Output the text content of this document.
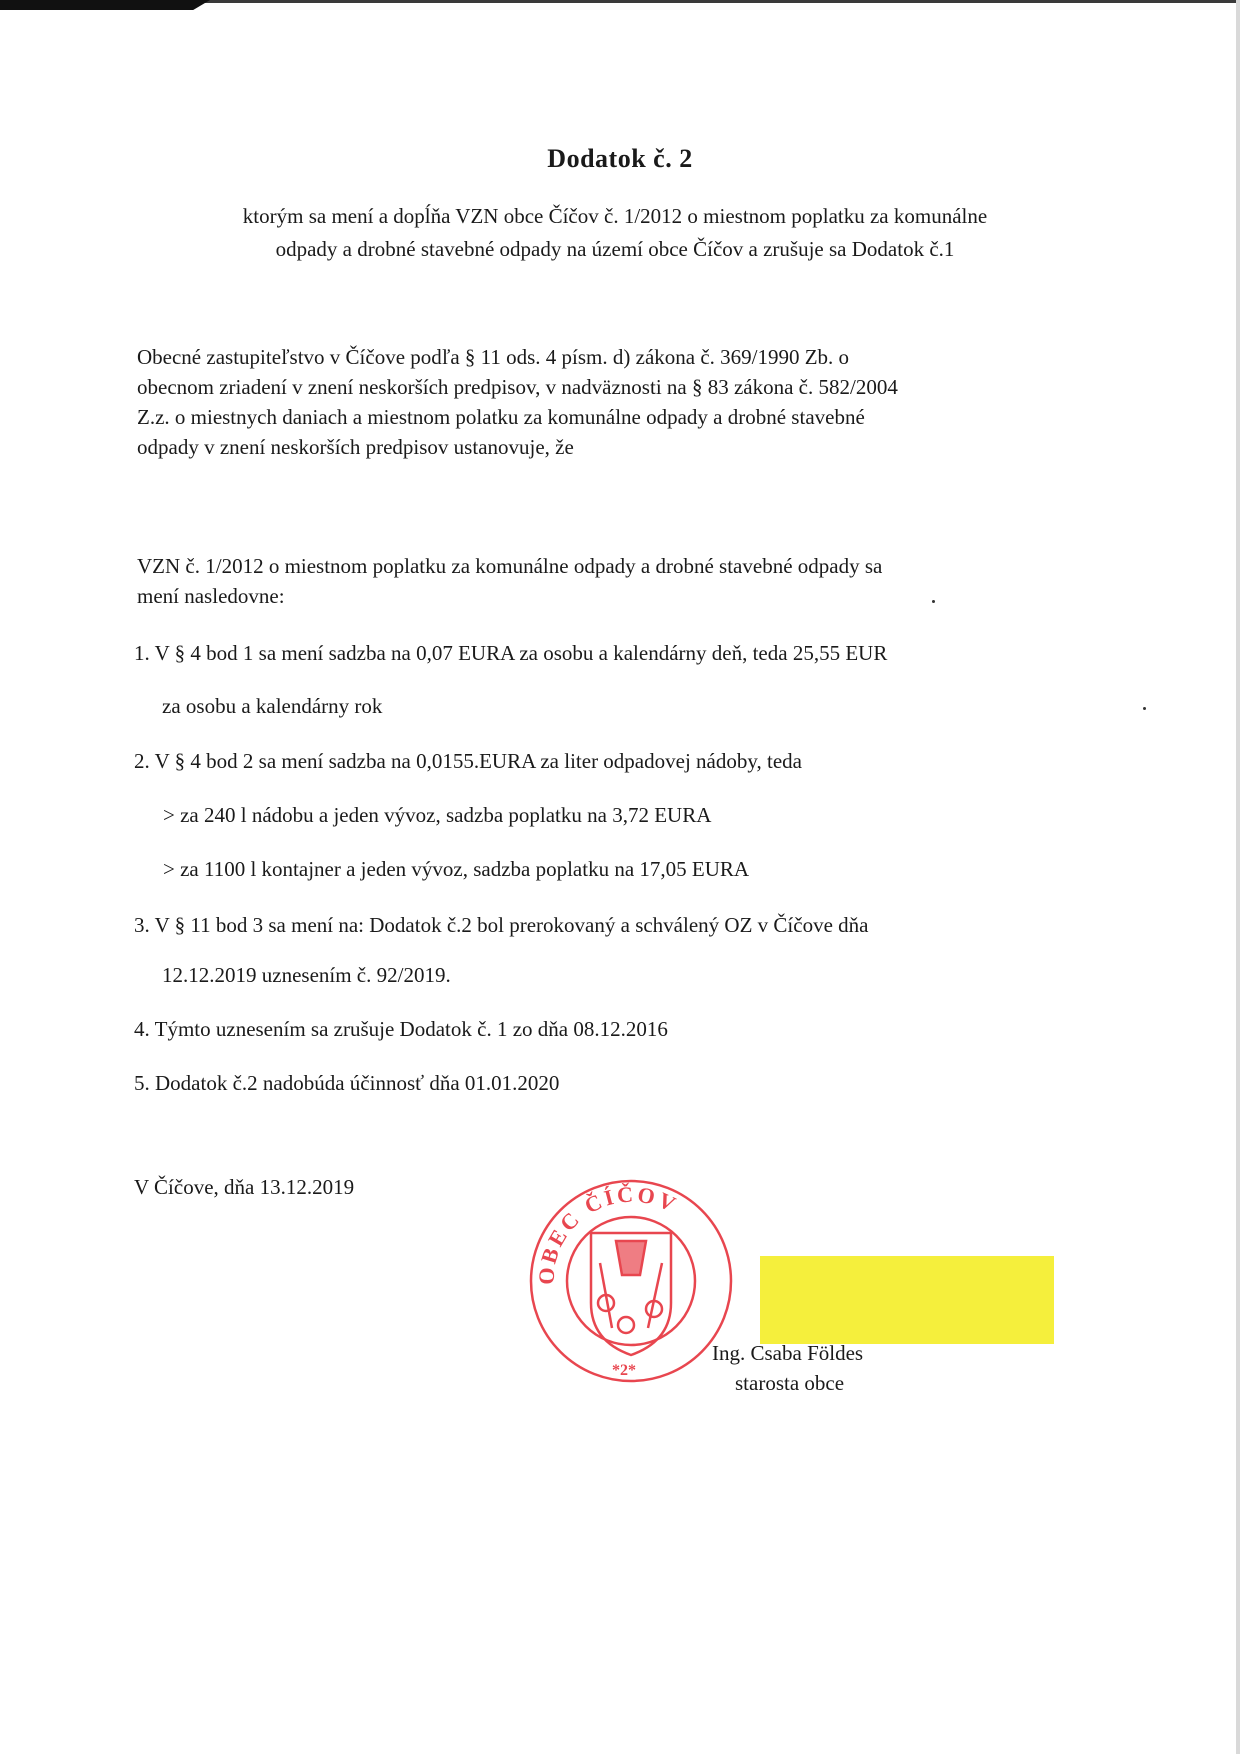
Dodatok č. 2
ktorým sa mení a dopĺňa VZN obce Číčov č. 1/2012 o miestnom poplatku za komunálne
odpady a drobné stavebné odpady na území obce Číčov a zrušuje sa Dodatok č.1
Obecné zastupiteľstvo v Číčove podľa § 11 ods. 4 písm. d) zákona č. 369/1990 Zb. o
obecnom zriadení v znení neskorších predpisov, v nadväznosti na § 83 zákona č. 582/2004
Z.z. o miestnych daniach a miestnom polatku za komunálne odpady a drobné stavebné
odpady v znení neskorších predpisov ustanovuje, že
VZN č. 1/2012 o miestnom poplatku za komunálne odpady a drobné stavebné odpady sa
mení nasledovne:
1. V § 4 bod 1 sa mení sadzba na 0,07 EURA za osobu a kalendárny deň, teda 25,55 EUR
za osobu a kalendárny rok
2. V § 4 bod 2 sa mení sadzba na 0,0155.EURA za liter odpadovej nádoby, teda
> za 240 l nádobu a jeden vývoz, sadzba poplatku na 3,72 EURA
> za 1100 l kontajner a jeden vývoz, sadzba poplatku na 17,05 EURA
3. V § 11 bod 3 sa mení na: Dodatok č.2 bol prerokovaný a schválený OZ v Číčove dňa
12.12.2019 uznesením č. 92/2019.
4. Týmto uznesením sa zrušuje Dodatok č. 1 zo dňa 08.12.2016
5. Dodatok č.2 nadobúda účinnosť dňa 01.01.2020
V Číčove, dňa 13.12.2019
OBEC ČÍČOV
*2*
Ing. Csaba Földes
starosta obce
